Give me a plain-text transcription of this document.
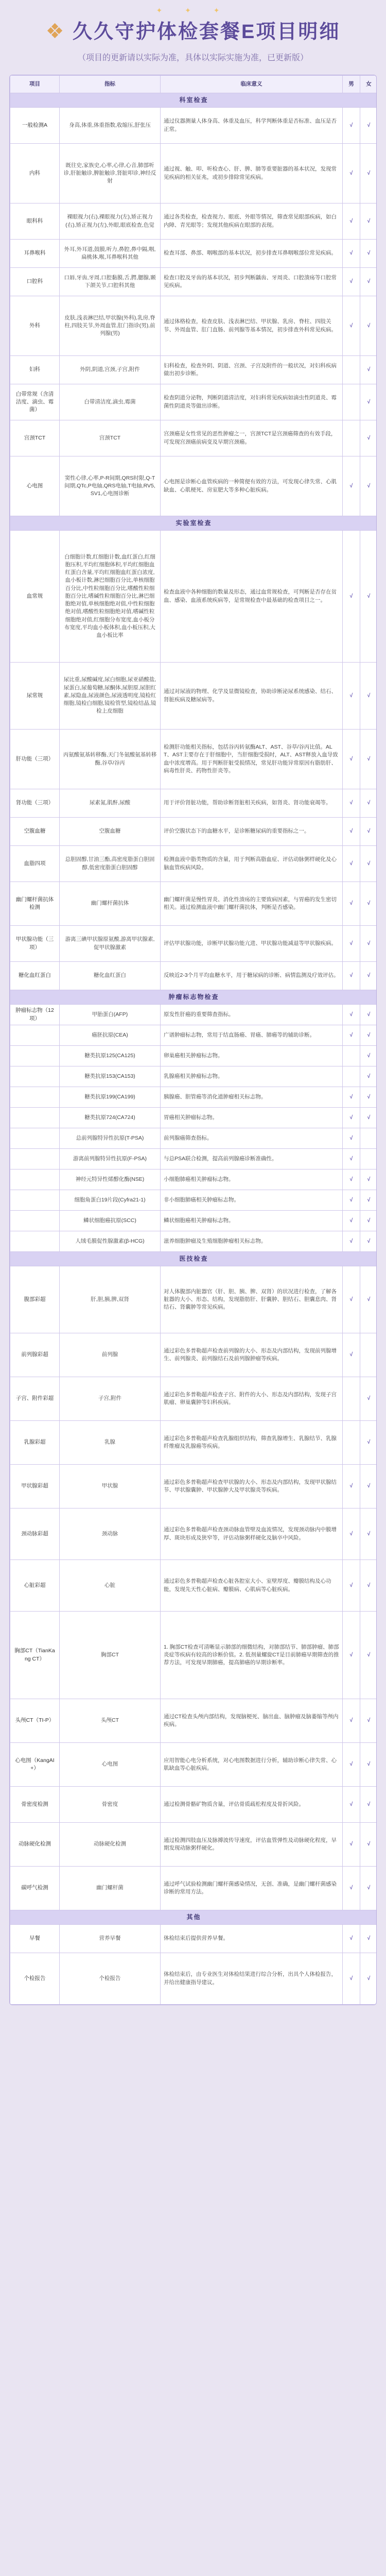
✦ ✦ ✦
❖ 久久守护体检套餐E项目明细
（项目的更新请以实际为准，具体以实际实施为准，已更新版）
项目	指标	临床意义	男	女
科室检查				
一般检测A	身高,体重,体重指数,收缩压,舒张压	通过仪器测量人体身高、体重及血压，科学判断体重是否标准、血压是否正常。	√	√
内科	既往史,家族史,心率,心律,心音,肺部听诊,肝脏触诊,脾脏触诊,肾脏叩诊,神经反射	通过视、触、叩、听检查心、肝、脾、肺等重要脏器的基本状况，发现常见疾病的相关征兆，或初步排除常见疾病。	√	√
眼科科	裸眼视力(右),裸眼视力(左),矫正视力(右),矫正视力(左),外眼,眼底检查,色觉	通过各类检查，检查视力、眼底、外眼等情况，筛查常见眼部疾病，如白内障、青光眼等；发现其他疾病在眼部的表现。	√	√
耳鼻喉科	外耳,外耳道,鼓膜,听力,鼻腔,鼻中隔,咽,扁桃体,喉,耳鼻喉科其他	检查耳部、鼻部、咽喉部的基本状况，初步排查耳鼻咽喉部位常见疾病。	√	√
口腔科	口唇,牙齿,牙周,口腔黏膜,舌,腭,腮腺,颞下颌关节,口腔科其他	检查口腔及牙齿的基本状况，初步判断龋齿、牙周炎、口腔溃疡等口腔常见疾病。	√	√
外科	皮肤,浅表淋巴结,甲状腺(外科),乳房,脊柱,四肢关节,外周血管,肛门指诊(男),前列腺(男)	通过体格检查，检查皮肤、浅表淋巴结、甲状腺、乳房、脊柱、四肢关节、外周血管、肛门直肠、前列腺等基本情况，初步排查外科常见疾病。	√	√
妇科	外阴,阴道,宫颈,子宫,附件	妇科检查，检查外阴、阴道、宫颈、子宫及附件的一般状况，对妇科疾病做出初步诊断。		√
白带常规（含清洁度、滴虫、霉菌）	白带清洁度,滴虫,霉菌	检查阴道分泌物，判断阴道清洁度，对妇科常见疾病如滴虫性阴道炎、霉菌性阴道炎等做出诊断。		√
宫颈TCT	宫颈TCT	宫颈癌是女性常见的恶性肿瘤之一，宫颈TCT是宫颈癌筛查的有效手段，可发现宫颈癌前病变及早期宫颈癌。		√
心电图	窦性心律,心率,P-R间期,QRS时限,Q-T间期,QTc,P电轴,QRS电轴,T电轴,RV5,SV1,心电图诊断	心电图是诊断心血管疾病的一种简便有效的方法，可发现心律失常、心肌缺血、心肌梗死、房室肥大等多种心脏疾病。	√	√
实验室检查				
血常规	白细胞计数,红细胞计数,血红蛋白,红细胞压积,平均红细胞体积,平均红细胞血红蛋白含量,平均红细胞血红蛋白浓度,血小板计数,淋巴细胞百分比,单核细胞百分比,中性粒细胞百分比,嗜酸性粒细胞百分比,嗜碱性粒细胞百分比,淋巴细胞绝对值,单核细胞绝对值,中性粒细胞绝对值,嗜酸性粒细胞绝对值,嗜碱性粒细胞绝对值,红细胞分布宽度,血小板分布宽度,平均血小板体积,血小板压积,大血小板比率	检查血液中各种细胞的数量及形态，通过血常规检查，可判断是否存在贫血、感染、血液系统疾病等，是常规检查中最基础的检查项目之一。	√	√
尿常规	尿比重,尿酸碱度,尿白细胞,尿亚硝酸盐,尿蛋白,尿葡萄糖,尿酮体,尿胆原,尿胆红素,尿隐血,尿液颜色,尿液透明度,镜检红细胞,镜检白细胞,镜检管型,镜检结晶,镜检上皮细胞	通过对尿液的物理、化学及显微镜检查，协助诊断泌尿系统感染、结石、肾脏疾病及糖尿病等。	√	√
肝功能（三项）	丙氨酸氨基转移酶,天门冬氨酸氨基转移酶,谷草/谷丙	检测肝功能相关指标，包括谷丙转氨酶ALT、AST、谷草/谷丙比值。ALT、AST主要存在于肝细胞中，当肝细胞受损时，ALT、AST释放入血导致血中浓度增高。用于判断肝脏受损情况，常见肝功能异常原因有脂肪肝、病毒性肝炎、药物性肝炎等。	√	√
肾功能（三项）	尿素氮,肌酐,尿酸	用于评价肾脏功能，帮助诊断肾脏相关疾病，如肾炎、肾功能衰竭等。	√	√
空腹血糖	空腹血糖	评价空腹状态下的血糖水平，是诊断糖尿病的重要指标之一。	√	√
血脂四项	总胆固醇,甘油三酯,高密度脂蛋白胆固醇,低密度脂蛋白胆固醇	检测血液中脂类物质的含量，用于判断高脂血症、评估动脉粥样硬化及心脑血管疾病风险。	√	√
幽门螺杆菌抗体检测	幽门螺杆菌抗体	幽门螺杆菌是慢性胃炎、消化性溃疡的主要致病因素，与胃癌的发生密切相关。通过检测血液中幽门螺杆菌抗体，判断是否感染。	√	√
甲状腺功能（三项）	游离三碘甲状腺原氨酸,游离甲状腺素,促甲状腺激素	评估甲状腺功能，诊断甲状腺功能亢进、甲状腺功能减退等甲状腺疾病。	√	√
糖化血红蛋白	糖化血红蛋白	反映近2-3个月平均血糖水平，用于糖尿病的诊断、病情监测及疗效评估。	√	√
肿瘤标志物检查				
肿瘤标志物（12项）	甲胎蛋白(AFP)	原发性肝癌的重要筛查指标。	√	√
	癌胚抗原(CEA)	广谱肿瘤标志物，常用于结直肠癌、胃癌、肺癌等的辅助诊断。	√	√
	糖类抗原125(CA125)	卵巢癌相关肿瘤标志物。		√
	糖类抗原153(CA153)	乳腺癌相关肿瘤标志物。		√
	糖类抗原199(CA199)	胰腺癌、胆管癌等消化道肿瘤相关标志物。	√	√
	糖类抗原724(CA724)	胃癌相关肿瘤标志物。	√	√
	总前列腺特异性抗原(T-PSA)	前列腺癌筛查指标。	√	
	游离前列腺特异性抗原(F-PSA)	与总PSA联合检测，提高前列腺癌诊断准确性。	√	
	神经元特异性烯醇化酶(NSE)	小细胞肺癌相关肿瘤标志物。	√	√
	细胞角蛋白19片段(Cyfra21-1)	非小细胞肺癌相关肿瘤标志物。	√	√
	鳞状细胞癌抗原(SCC)	鳞状细胞癌相关肿瘤标志物。	√	√
	人绒毛膜促性腺激素(β-HCG)	滋养细胞肿瘤及生殖细胞肿瘤相关标志物。	√	√
医技检查				
腹部彩超	肝,胆,胰,脾,双肾	对人体腹部内脏器官（肝、胆、胰、脾、双肾）的状况进行检查，了解各脏器的大小、形态、结构，发现脂肪肝、肝囊肿、胆结石、胆囊息肉、肾结石、肾囊肿等常见疾病。	√	√
前列腺彩超	前列腺	通过彩色多普勒超声检查前列腺的大小、形态及内部结构，发现前列腺增生、前列腺炎、前列腺结石及前列腺肿瘤等疾病。	√	
子宫、附件彩超	子宫,附件	通过彩色多普勒超声检查子宫、附件的大小、形态及内部结构，发现子宫肌瘤、卵巢囊肿等妇科疾病。		√
乳腺彩超	乳腺	通过彩色多普勒超声检查乳腺组织结构，筛查乳腺增生、乳腺结节、乳腺纤维瘤及乳腺癌等疾病。		√
甲状腺彩超	甲状腺	通过彩色多普勒超声检查甲状腺的大小、形态及内部结构，发现甲状腺结节、甲状腺囊肿、甲状腺肿大及甲状腺炎等疾病。	√	√
颈动脉彩超	颈动脉	通过彩色多普勒超声检查颈动脉血管壁及血流情况，发现颈动脉内中膜增厚、斑块形成及狭窄等，评估动脉粥样硬化及脑卒中风险。	√	√
心脏彩超	心脏	通过彩色多普勒超声检查心脏各腔室大小、室壁厚度、瓣膜结构及心功能，发现先天性心脏病、瓣膜病、心肌病等心脏疾病。	√	√
胸部CT（TianKang CT）	胸部CT	1. 胸部CT检查可清晰显示肺部的细微结构，对肺部结节、肺部肿瘤、肺部炎症等疾病有较高的诊断价值。2. 低剂量螺旋CT是目前肺癌早期筛查的推荐方法，可发现早期肺癌，提高肺癌的早期诊断率。	√	√
头颅CT（TI-P）	头颅CT	通过CT检查头颅内部结构，发现脑梗死、脑出血、脑肿瘤及脑萎缩等颅内疾病。	√	√
心电图（KangAI+）	心电图	应用智能心电分析系统，对心电图数据进行分析，辅助诊断心律失常、心肌缺血等心脏疾病。	√	√
骨密度检测	骨密度	通过检测骨骼矿物质含量，评估骨质疏松程度及骨折风险。	√	√
动脉硬化检测	动脉硬化检测	通过检测四肢血压及脉搏波传导速度，评估血管弹性及动脉硬化程度，早期发现动脉粥样硬化。	√	√
碳呼气检测	幽门螺杆菌	通过呼气试验检测幽门螺杆菌感染情况，无创、准确，是幽门螺杆菌感染诊断的常用方法。	√	√
其他				
早餐	营养早餐	体检结束后提供营养早餐。	√	√
个检报告	个检报告	体检结束后，由专业医生对体检结果进行综合分析，出具个人体检报告，并给出健康指导建议。	√	√
